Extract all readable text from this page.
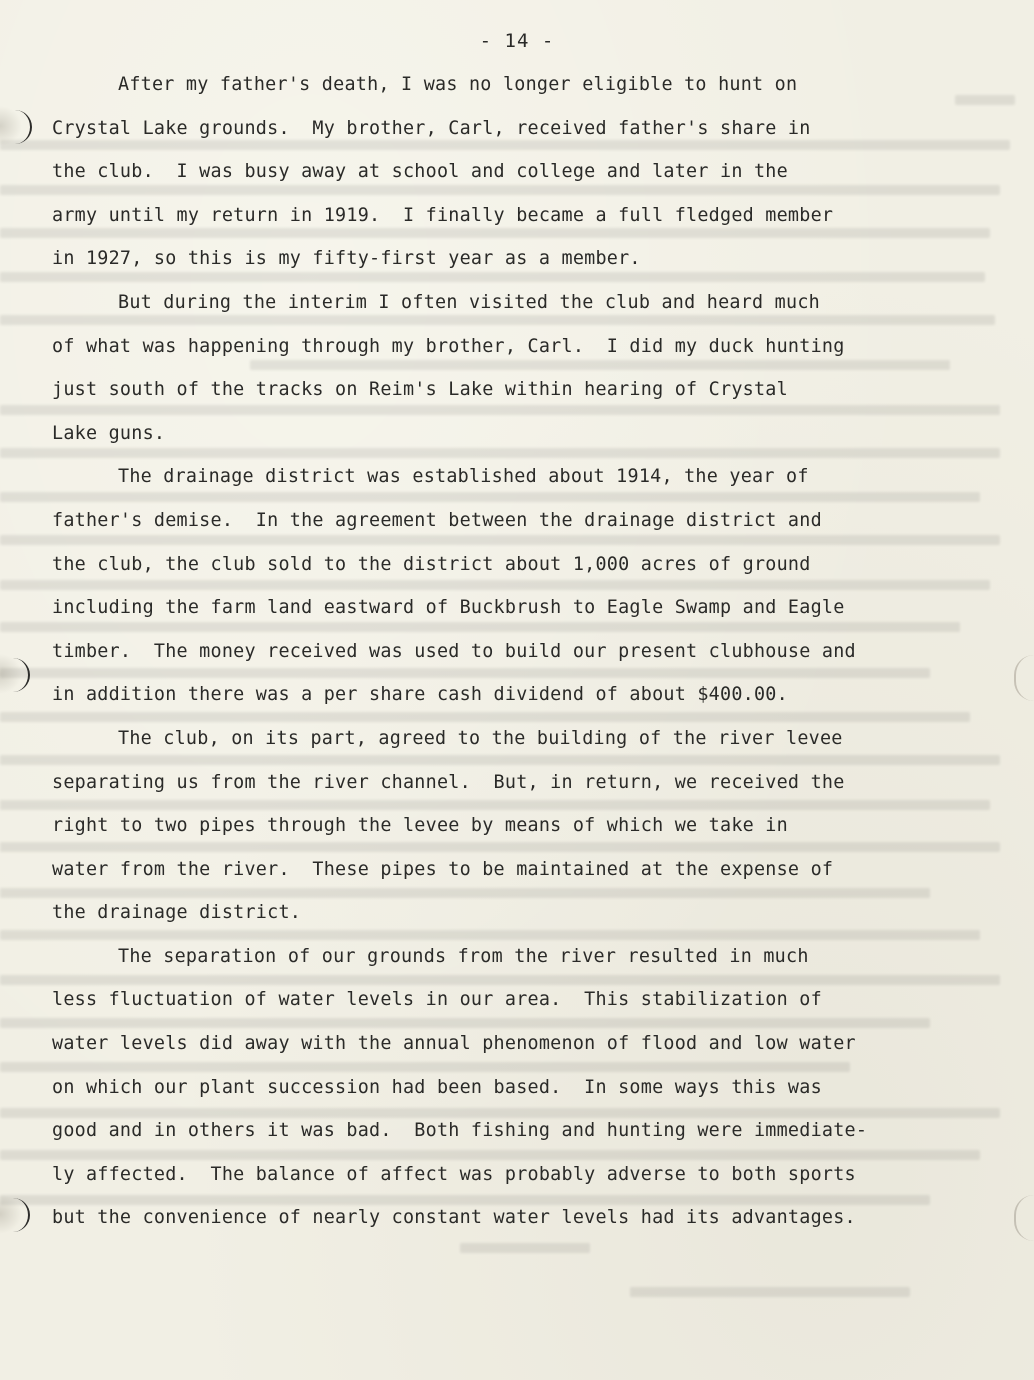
- 14 -
After my father's death, I was no longer eligible to hunt on
Crystal Lake grounds.  My brother, Carl, received father's share in
the club.  I was busy away at school and college and later in the
army until my return in 1919.  I finally became a full fledged member
in 1927, so this is my fifty-first year as a member.
But during the interim I often visited the club and heard much
of what was happening through my brother, Carl.  I did my duck hunting
just south of the tracks on Reim's Lake within hearing of Crystal
Lake guns.
The drainage district was established about 1914, the year of
father's demise.  In the agreement between the drainage district and
the club, the club sold to the district about 1,000 acres of ground
including the farm land eastward of Buckbrush to Eagle Swamp and Eagle
timber.  The money received was used to build our present clubhouse and
in addition there was a per share cash dividend of about $400.00.
The club, on its part, agreed to the building of the river levee
separating us from the river channel.  But, in return, we received the
right to two pipes through the levee by means of which we take in
water from the river.  These pipes to be maintained at the expense of
the drainage district.
The separation of our grounds from the river resulted in much
less fluctuation of water levels in our area.  This stabilization of
water levels did away with the annual phenomenon of flood and low water
on which our plant succession had been based.  In some ways this was
good and in others it was bad.  Both fishing and hunting were immediate-
ly affected.  The balance of affect was probably adverse to both sports
but the convenience of nearly constant water levels had its advantages.
